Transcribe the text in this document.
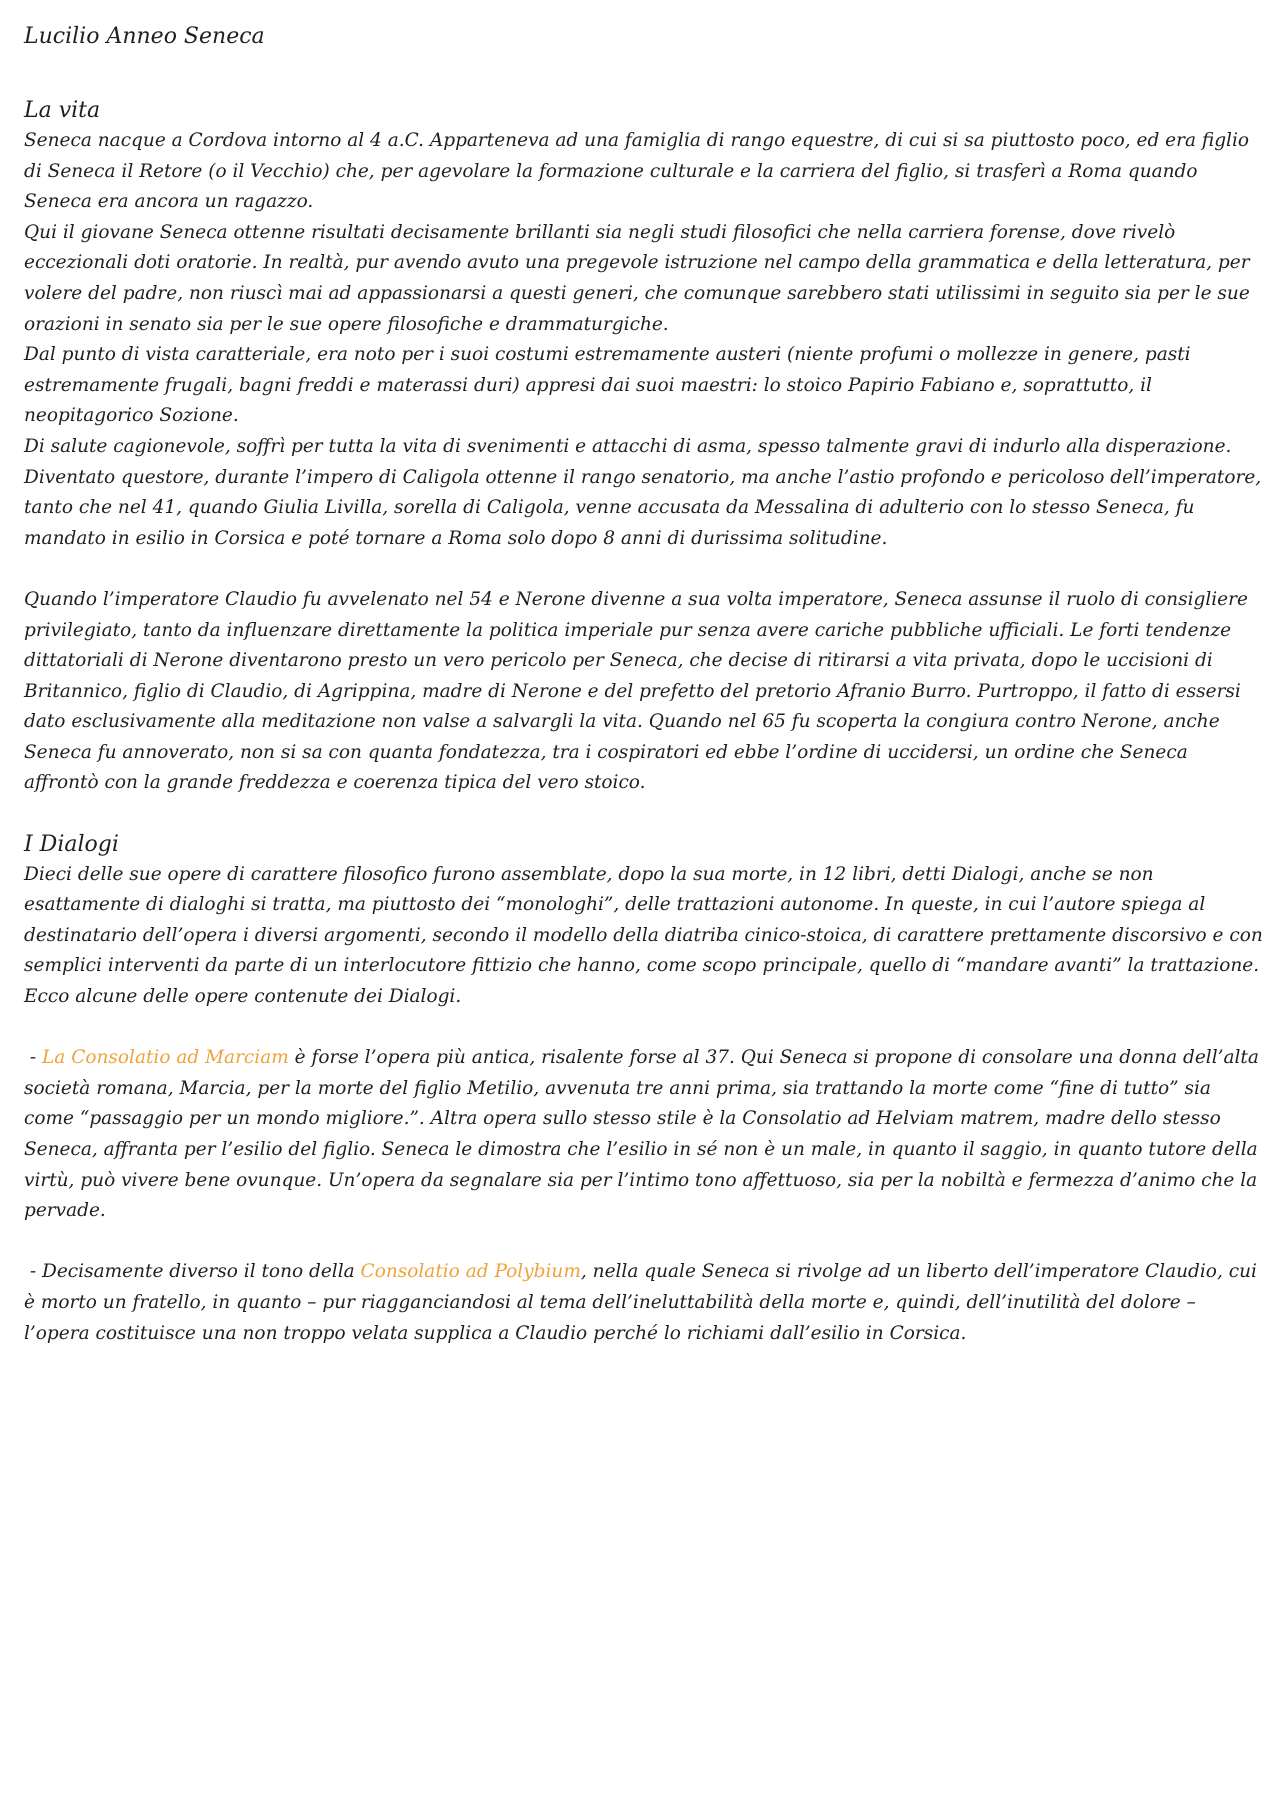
Lucilio Anneo Seneca
La vita

Seneca nacque a Cordova intorno al 4 a.C. Apparteneva ad una famiglia di rango equestre, di cui si sa piuttosto poco, ed era figlio di Seneca il Retore (o il Vecchio) che, per agevolare la formazione culturale e la carriera del figlio, si trasferì a Roma quando Seneca era ancora un ragazzo.

Qui il giovane Seneca ottenne risultati decisamente brillanti sia negli studi filosofici che nella carriera forense, dove rivelò eccezionali doti oratorie. In realtà, pur avendo avuto una pregevole istruzione nel campo della grammatica e della letteratura, per volere del padre, non riuscì mai ad appassionarsi a questi generi, che comunque sarebbero stati utilissimi in seguito sia per le sue orazioni in senato sia per le sue opere filosofiche e drammaturgiche.

Dal punto di vista caratteriale, era noto per i suoi costumi estremamente austeri (niente profumi o mollezze in genere, pasti estremamente frugali, bagni freddi e materassi duri) appresi dai suoi maestri: lo stoico Papirio Fabiano e, soprattutto, il neopitagorico Sozione.

Di salute cagionevole, soffrì per tutta la vita di svenimenti e attacchi di asma, spesso talmente gravi di indurlo alla disperazione.

Diventato questore, durante l’impero di Caligola ottenne il rango senatorio, ma anche l’astio profondo e pericoloso dell’imperatore, tanto che nel 41, quando Giulia Livilla, sorella di Caligola, venne accusata da Messalina di adulterio con lo stesso Seneca, fu mandato in esilio in Corsica e poté tornare a Roma solo dopo 8 anni di durissima solitudine.

Quando l’imperatore Claudio fu avvelenato nel 54 e Nerone divenne a sua volta imperatore, Seneca assunse il ruolo di consigliere privilegiato, tanto da influenzare direttamente la politica imperiale pur senza avere cariche pubbliche ufficiali. Le forti tendenze dittatoriali di Nerone diventarono presto un vero pericolo per Seneca, che decise di ritirarsi a vita privata, dopo le uccisioni di Britannico, figlio di Claudio, di Agrippina, madre di Nerone e del prefetto del pretorio Afranio Burro. Purtroppo, il fatto di essersi dato esclusivamente alla meditazione non valse a salvargli la vita. Quando nel 65 fu scoperta la congiura contro Nerone, anche Seneca fu annoverato, non si sa con quanta fondatezza, tra i cospiratori ed ebbe l’ordine di uccidersi, un ordine che Seneca affrontò con la grande freddezza e coerenza tipica del vero stoico.

I Dialogi

Dieci delle sue opere di carattere filosofico furono assemblate, dopo la sua morte, in 12 libri, detti Dialogi, anche se non esattamente di dialoghi si tratta, ma piuttosto dei “monologhi”, delle trattazioni autonome. In queste, in cui l’autore spiega al destinatario dell’opera i diversi argomenti, secondo il modello della diatriba cinico-stoica, di carattere prettamente discorsivo e con semplici interventi da parte di un interlocutore fittizio che hanno, come scopo principale, quello di “mandare avanti” la trattazione. Ecco alcune delle opere contenute dei Dialogi.

- La Consolatio ad Marciam è forse l’opera più antica, risalente forse al 37. Qui Seneca si propone di consolare una donna dell’alta società romana, Marcia, per la morte del figlio Metilio, avvenuta tre anni prima, sia trattando la morte come “fine di tutto” sia come “passaggio per un mondo migliore.”. Altra opera sullo stesso stile è la Consolatio ad Helviam matrem, madre dello stesso Seneca, affranta per l’esilio del figlio. Seneca le dimostra che l’esilio in sé non è un male, in quanto il saggio, in quanto tutore della virtù, può vivere bene ovunque. Un’opera da segnalare sia per l’intimo tono affettuoso, sia per la nobiltà e fermezza d’animo che la pervade.

- Decisamente diverso il tono della Consolatio ad Polybium, nella quale Seneca si rivolge ad un liberto dell’imperatore Claudio, cui è morto un fratello, in quanto – pur riagganciandosi al tema dell’ineluttabilità della morte e, quindi, dell’inutilità del dolore – l’opera costituisce una non troppo velata supplica a Claudio perché lo richiami dall’esilio in Corsica.
